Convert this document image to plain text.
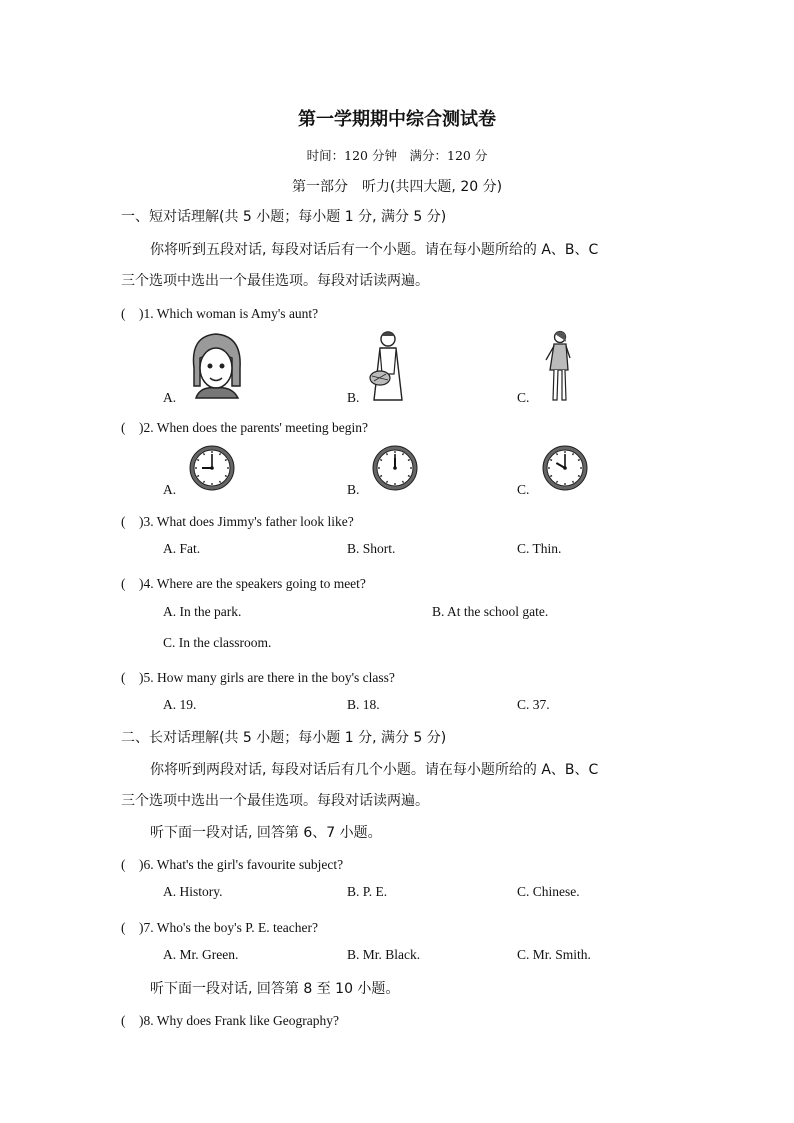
第一学期期中综合测试卷
时间：120 分钟　满分：120 分
第一部分　听力(共四大题, 20 分)
一、短对话理解(共 5 小题；每小题 1 分, 满分 5 分)
你将听到五段对话, 每段对话后有一个小题。请在每小题所给的 A、B、C
三个选项中选出一个最佳选项。每段对话读两遍。
(　)1. Which woman is Amy's aunt?
A.	B.	C.
(　)2. When does the parents' meeting begin?
A.	B.	C.
(　)3. What does Jimmy's father look like?
A. Fat.	B. Short.	C. Thin.
(　)4. Where are the speakers going to meet?
A. In the park.	B. At the school gate.
C. In the classroom.
(　)5. How many girls are there in the boy's class?
A. 19.	B. 18.	C. 37.
二、长对话理解(共 5 小题；每小题 1 分, 满分 5 分)
你将听到两段对话, 每段对话后有几个小题。请在每小题所给的 A、B、C
三个选项中选出一个最佳选项。每段对话读两遍。
听下面一段对话, 回答第 6、7 小题。
(　)6. What's the girl's favourite subject?
A. History.	B. P. E.	C. Chinese.
(　)7. Who's the boy's P. E. teacher?
A. Mr. Green.	B. Mr. Black.	C. Mr. Smith.
听下面一段对话, 回答第 8 至 10 小题。
(　)8. Why does Frank like Geography?
